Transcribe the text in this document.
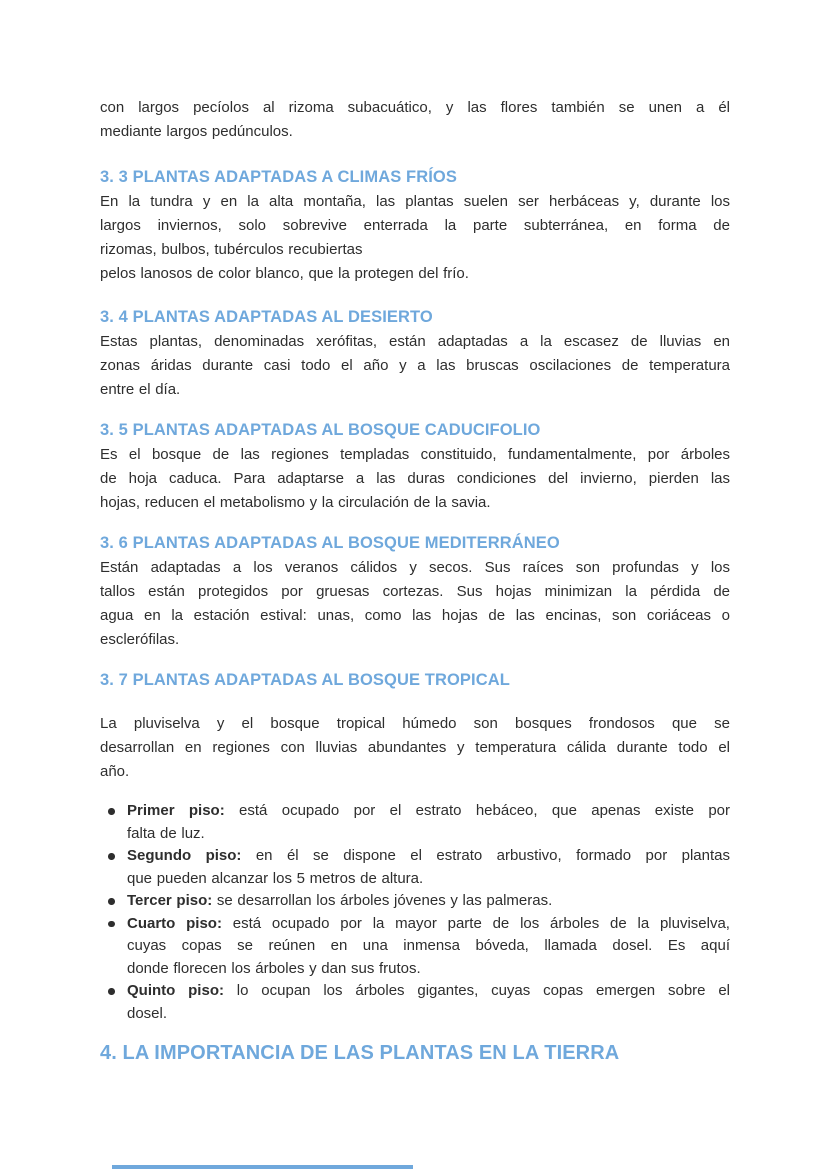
con largos pecíolos al rizoma subacuático, y las flores también se unen a él
mediante largos pedúnculos.
3. 3 PLANTAS ADAPTADAS A CLIMAS FRÍOS
En la tundra y en la alta montaña, las plantas suelen ser herbáceas y, durante los
largos inviernos, solo sobrevive enterrada la parte subterránea, en forma de
rizomas, bulbos, tubérculos recubiertas
pelos lanosos de color blanco, que la protegen del frío.
3. 4 PLANTAS ADAPTADAS AL DESIERTO
Estas plantas, denominadas xerófitas, están adaptadas a la escasez de lluvias en
zonas áridas durante casi todo el año y a las bruscas oscilaciones de temperatura
entre el día.
3. 5 PLANTAS ADAPTADAS AL BOSQUE CADUCIFOLIO
Es el bosque de las regiones templadas constituido, fundamentalmente, por árboles
de hoja caduca. Para adaptarse a las duras condiciones del invierno, pierden las
hojas, reducen el metabolismo y la circulación de la savia.
3. 6 PLANTAS ADAPTADAS AL BOSQUE MEDITERRÁNEO
Están adaptadas a los veranos cálidos y secos. Sus raíces son profundas y los
tallos están protegidos por gruesas cortezas. Sus hojas minimizan la pérdida de
agua en la estación estival: unas, como las hojas de las encinas, son coriáceas o
esclerófilas.
3. 7 PLANTAS ADAPTADAS AL BOSQUE TROPICAL
La pluviselva y el bosque tropical húmedo son bosques frondosos que se
desarrollan en regiones con lluvias abundantes y temperatura cálida durante todo el
año.
Primer piso: está ocupado por el estrato hebáceo, que apenas existe por
falta de luz.
Segundo piso: en él se dispone el estrato arbustivo, formado por plantas
que pueden alcanzar los 5 metros de altura.
Tercer piso: se desarrollan los árboles jóvenes y las palmeras.
Cuarto piso: está ocupado por la mayor parte de los árboles de la pluviselva,
cuyas copas se reúnen en una inmensa bóveda, llamada dosel. Es aquí
donde florecen los árboles y dan sus frutos.
Quinto piso: lo ocupan los árboles gigantes, cuyas copas emergen sobre el
dosel.
4. LA IMPORTANCIA DE LAS PLANTAS EN LA TIERRA
